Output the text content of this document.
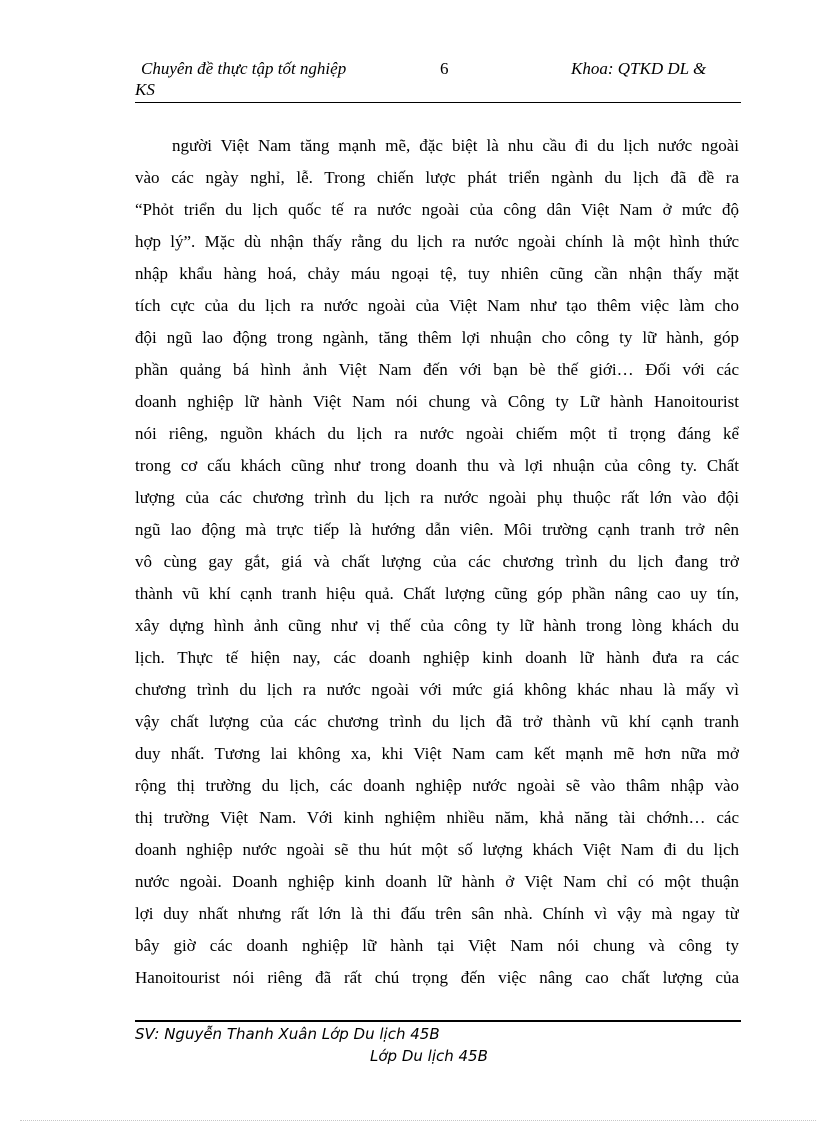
Chuyên đề thực tập tốt nghiệp	6	Khoa: QTKD DL &
KS
người Việt Nam tăng mạnh mẽ, đặc biệt là nhu cầu đi du lịch nước ngoài
vào các ngày nghỉ, lễ. Trong chiến lược phát triển ngành du lịch đã đề ra
“Phỏt triển du lịch quốc tế ra nước ngoài của công dân Việt Nam ở mức độ
hợp lý”. Mặc dù nhận thấy rằng du lịch ra nước ngoài chính là một hình thức
nhập khẩu hàng hoá, chảy máu ngoại tệ, tuy nhiên cũng cần nhận thấy mặt
tích cực của du lịch ra nước ngoài của Việt Nam như tạo thêm việc làm cho
đội ngũ lao động trong ngành, tăng thêm lợi nhuận cho công ty lữ hành, góp
phần quảng bá hình ảnh Việt Nam đến với bạn bè thế giới… Đối với các
doanh nghiệp lữ hành Việt Nam nói chung và Công ty Lữ hành Hanoitourist
nói riêng, nguồn khách du lịch ra nước ngoài chiếm một tỉ trọng đáng kể
trong cơ cấu khách cũng như trong doanh thu và lợi nhuận của công ty. Chất
lượng của các chương trình du lịch ra nước ngoài phụ thuộc rất lớn vào đội
ngũ lao động mà trực tiếp là hướng dẫn viên. Môi trường cạnh tranh trở nên
vô cùng gay gắt, giá và chất lượng của các chương trình du lịch đang trở
thành vũ khí cạnh tranh hiệu quả. Chất lượng cũng góp phần nâng cao uy tín,
xây dựng hình ảnh cũng như vị thế của công ty lữ hành trong lòng khách du
lịch. Thực tế hiện nay, các doanh nghiệp kinh doanh lữ hành đưa ra các
chương trình du lịch ra nước ngoài với mức giá không khác nhau là mấy vì
vậy chất lượng của các chương trình du lịch đã trở thành vũ khí cạnh tranh
duy nhất. Tương lai không xa, khi Việt Nam cam kết mạnh mẽ hơn nữa mở
rộng thị trường du lịch, các doanh nghiệp nước ngoài sẽ vào thâm nhập vào
thị trường Việt Nam. Với kinh nghiệm nhiều năm, khả năng tài chớnh… các
doanh nghiệp nước ngoài sẽ thu hút một số lượng khách Việt Nam đi du lịch
nước ngoài. Doanh nghiệp kinh doanh lữ hành ở Việt Nam chỉ có một thuận
lợi duy nhất nhưng rất lớn là thi đấu trên sân nhà. Chính vì vậy mà ngay từ
bây giờ các doanh nghiệp lữ hành tại Việt Nam nói chung và công ty
Hanoitourist nói riêng đã rất chú trọng đến việc nâng cao chất lượng của
SV: Nguyễn Thanh Xuân Lớp Du lịch 45B
Lớp Du lịch 45B
